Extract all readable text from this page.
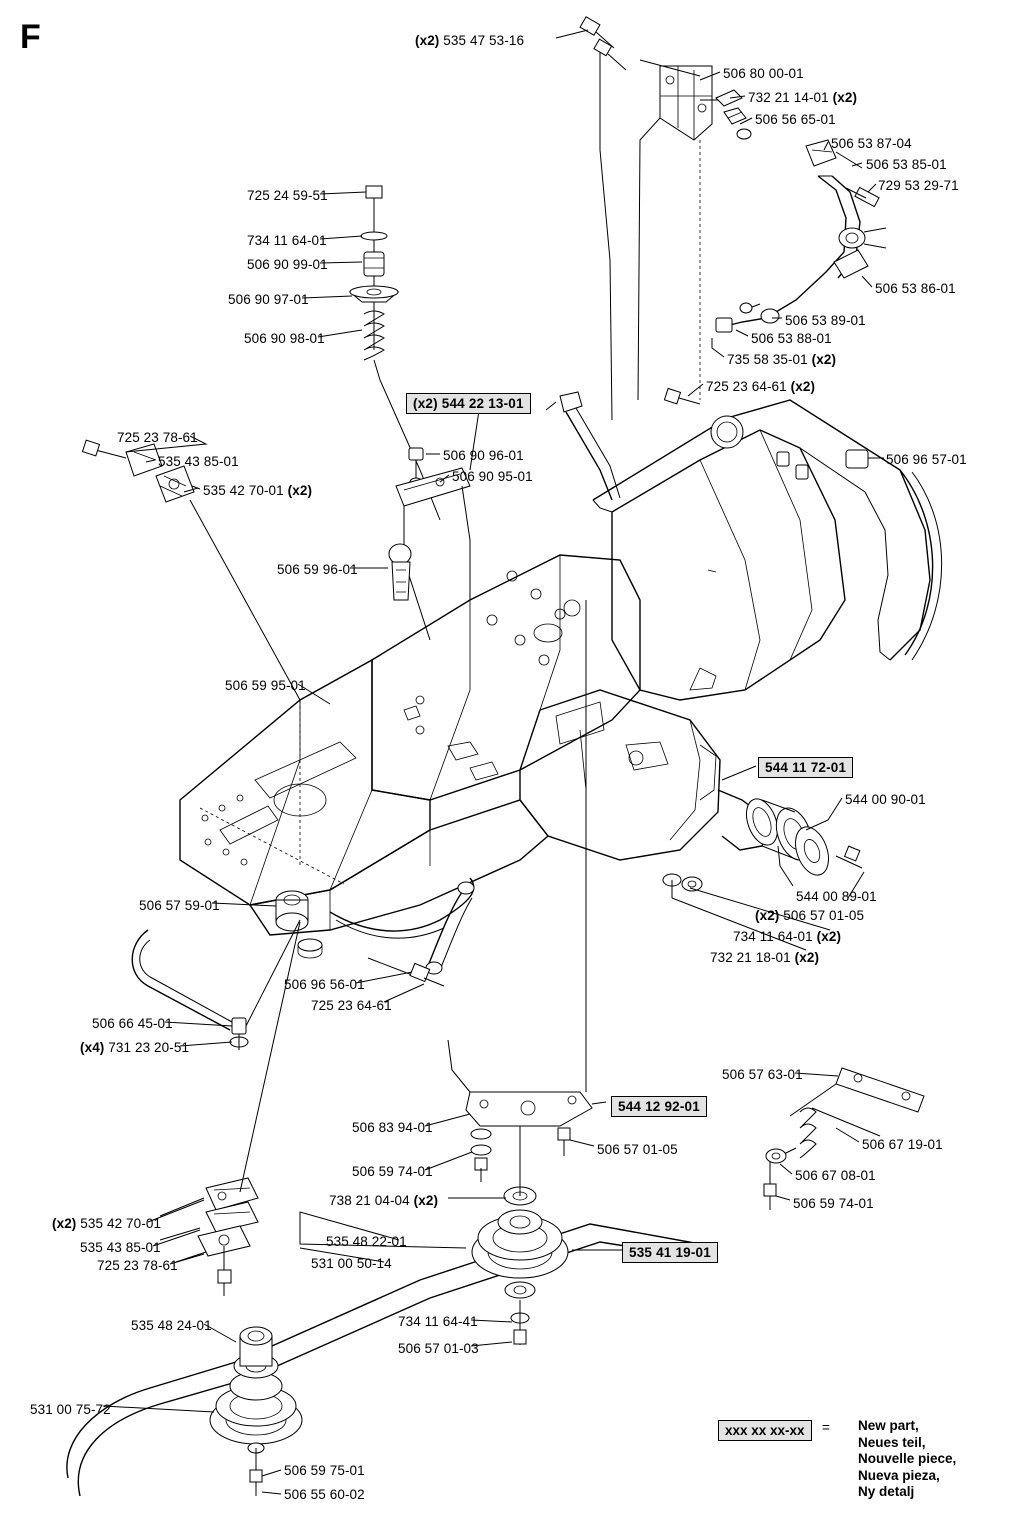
F	(x2) 535 47 53-16
506 80 00-01
732 21 14-01 (x2)
506 56 65-01
506 53 87-04
506 53 85-01
729 53 29-71
506 53 86-01
506 53 89-01
506 53 88-01
735 58 35-01 (x2)
725 23 64-61 (x2)
725 24 59-51
734 11 64-01
506 90 99-01
506 90 97-01
506 90 98-01
506 90 96-01
506 90 95-01
506 96 57-01
725 23 78-61
535 43 85-01
535 42 70-01 (x2)
506 59 96-01
506 59 95-01
544 00 90-01
544 00 89-01
(x2) 506 57 01-05
734 11 64-01 (x2)
732 21 18-01 (x2)
506 57 59-01
506 96 56-01
725 23 64-61
506 66 45-01
(x4) 731 23 20-51
506 57 63-01
506 83 94-01
506 57 01-05
506 59 74-01
506 67 19-01
506 67 08-01
506 59 74-01
738 21 04-04 (x2)
(x2) 535 42 70-01
535 43 85-01
725 23 78-61
535 48 22-01
531 00 50-14
734 11 64-41
506 57 01-03
535 48 24-01
531 00 75-72
506 59 75-01
506 55 60-02
(x2) 544 22 13-01
544 11 72-01
544 12 92-01
535 41 19-01
xxx xx xx-xx = New part,
Neues teil,
Nouvelle piece,
Nueva pieza,
Ny detalj
